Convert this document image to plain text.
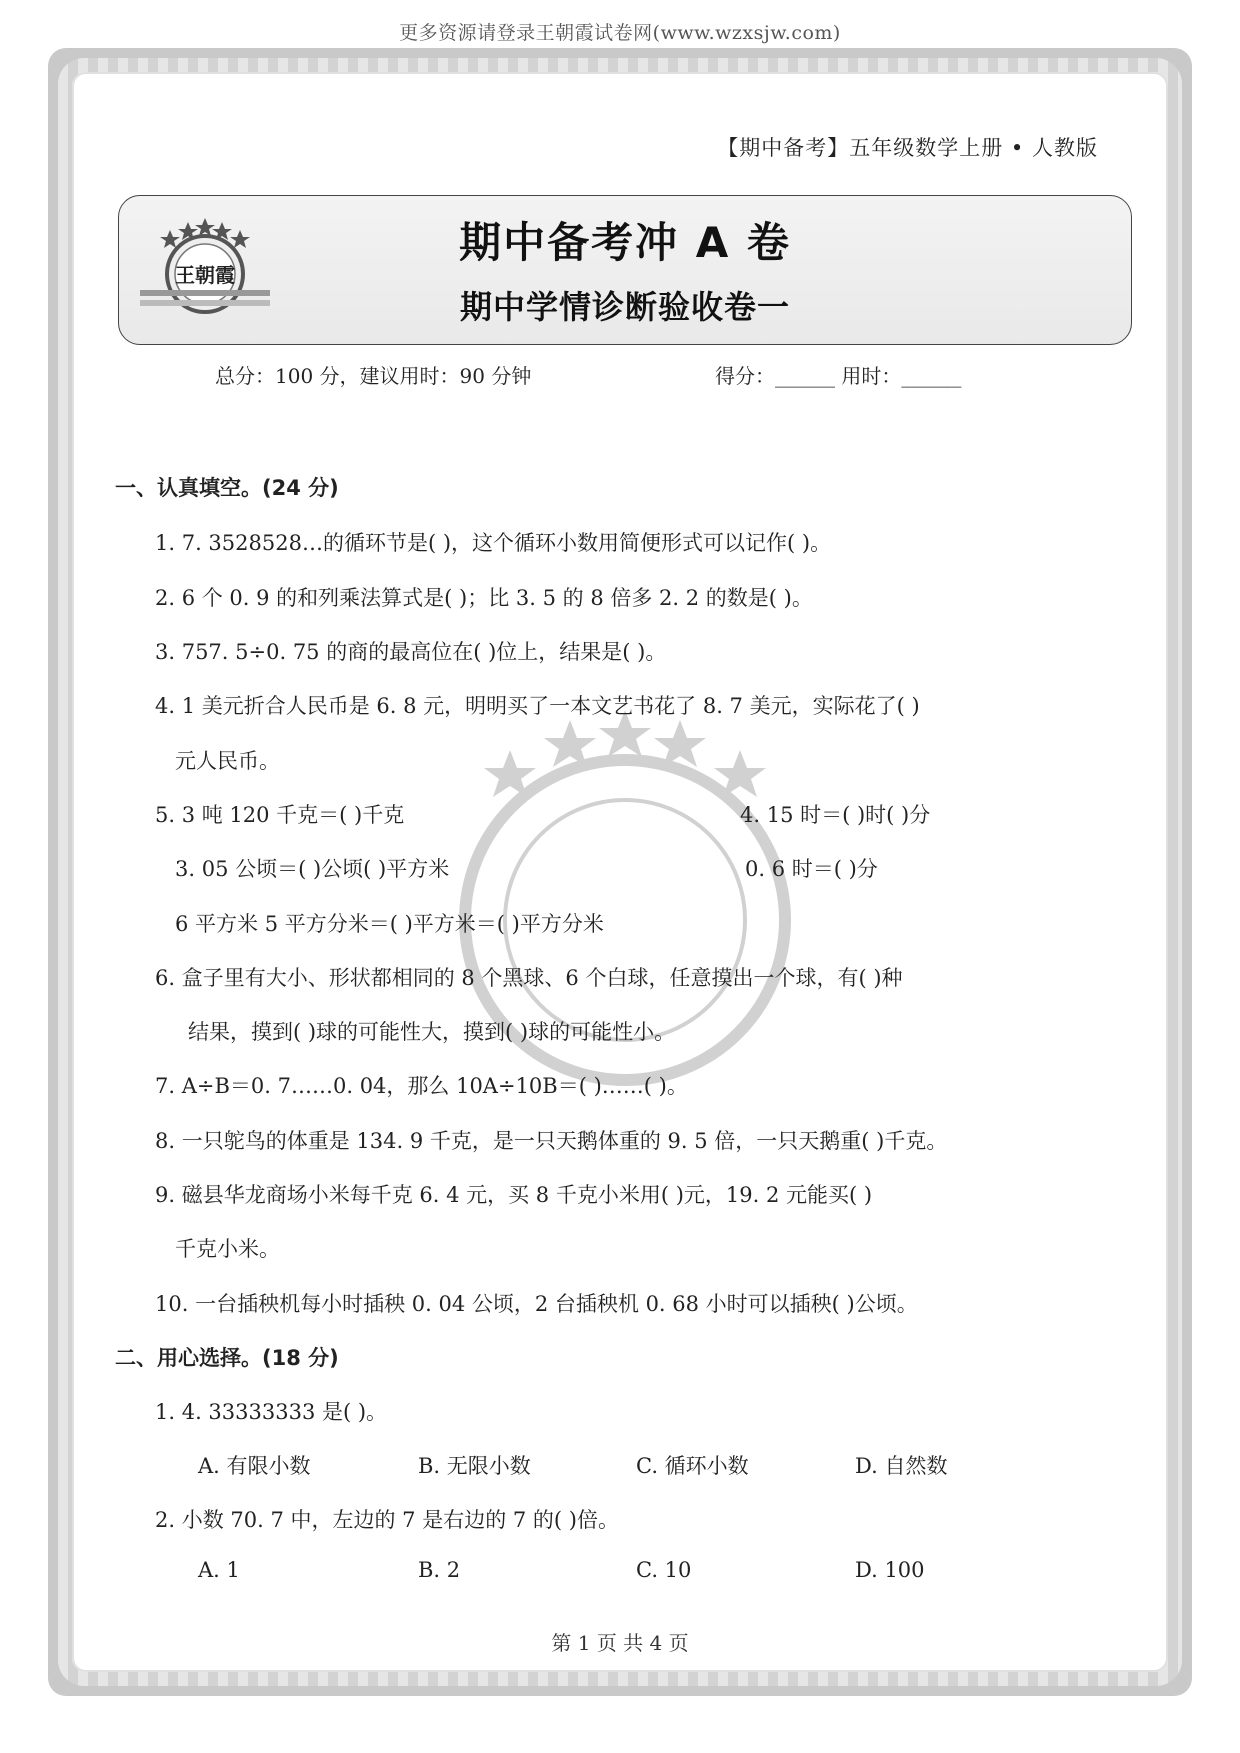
更多资源请登录王朝霞试卷网(www.wzxsjw.com)
【期中备考】五年级数学上册 • 人教版
王朝霞
期中备考冲 A 卷
期中学情诊断验收卷一
总分：100 分，建议用时：90 分钟	得分：______ 用时：______
一、认真填空。(24 分)
1. 7. 3528528…的循环节是( )，这个循环小数用简便形式可以记作( )。
2. 6 个 0. 9 的和列乘法算式是( )；比 3. 5 的 8 倍多 2. 2 的数是( )。
3. 757. 5÷0. 75 的商的最高位在( )位上，结果是( )。
4. 1 美元折合人民币是 6. 8 元，明明买了一本文艺书花了 8. 7 美元，实际花了( )
元人民币。
5. 3 吨 120 千克＝( )千克	4. 15 时＝( )时( )分
3. 05 公顷＝( )公顷( )平方米	0. 6 时＝( )分
6 平方米 5 平方分米＝( )平方米＝( )平方分米
6. 盒子里有大小、形状都相同的 8 个黑球、6 个白球，任意摸出一个球，有( )种
结果，摸到( )球的可能性大，摸到( )球的可能性小。
7. A÷B＝0. 7……0. 04，那么 10A÷10B＝( )……( )。
8. 一只鸵鸟的体重是 134. 9 千克，是一只天鹅体重的 9. 5 倍，一只天鹅重( )千克。
9. 磁县华龙商场小米每千克 6. 4 元，买 8 千克小米用( )元，19. 2 元能买( )
千克小米。
10. 一台插秧机每小时插秧 0. 04 公顷，2 台插秧机 0. 68 小时可以插秧( )公顷。
二、用心选择。(18 分)
1. 4. 33333333 是( )。
A. 有限小数	B. 无限小数	C. 循环小数	D. 自然数
2. 小数 70. 7 中，左边的 7 是右边的 7 的( )倍。
A. 1	B. 2	C. 10	D. 100
第 1 页 共 4 页
